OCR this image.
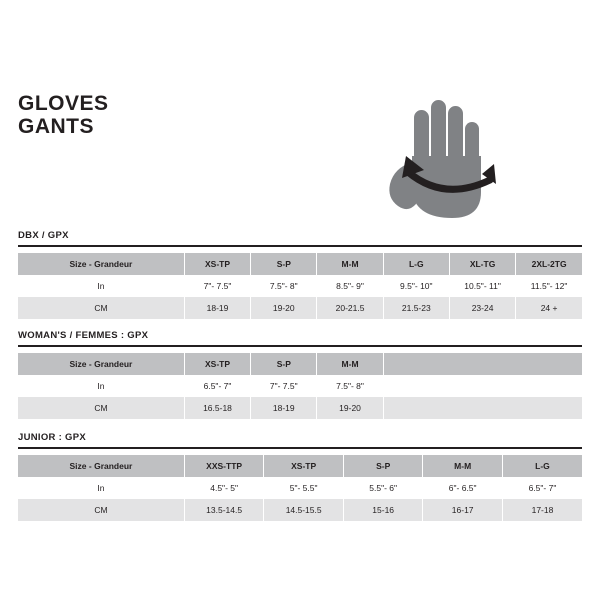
GLOVES
GANTS
DBX / GPX
Size - Grandeur	XS-TP	S-P	M-M	L-G	XL-TG	2XL-2TG
In	7"- 7.5"	7.5"- 8"	8.5"- 9"	9.5"- 10"	10.5"- 11"	11.5"- 12"
CM	18-19	19-20	20-21.5	21.5-23	23-24	24 +
WOMAN'S / FEMMES : GPX
Size - Grandeur	XS-TP	S-P	M-M	
In	6.5"- 7"	7"- 7.5"	7.5"- 8"	
CM	16.5-18	18-19	19-20	
JUNIOR : GPX
Size - Grandeur	XXS-TTP	XS-TP	S-P	M-M	L-G
In	4.5"- 5"	5"- 5.5"	5.5"- 6"	6"- 6.5"	6.5"- 7"
CM	13.5-14.5	14.5-15.5	15-16	16-17	17-18
